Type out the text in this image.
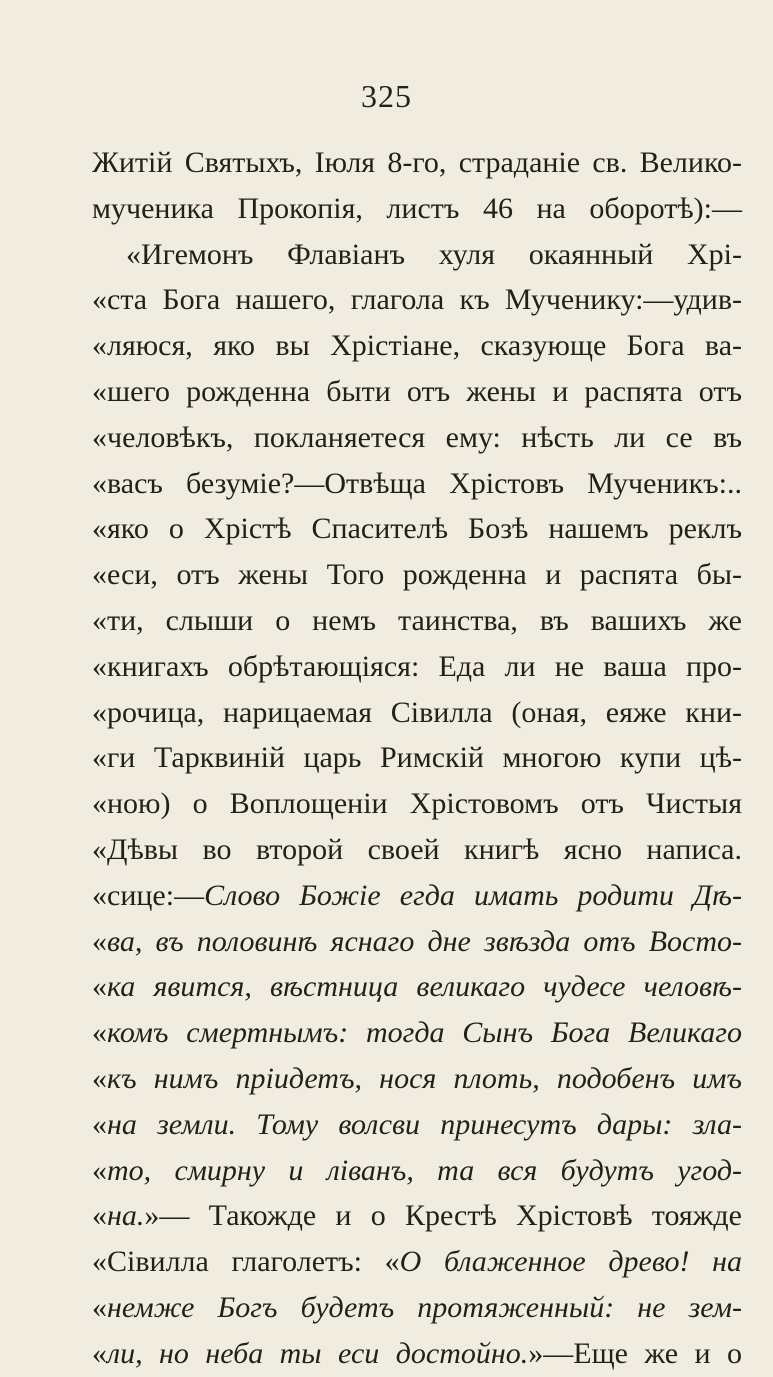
325
Житій Святыхъ, Іюля 8-го, страданіе св. Велико-
мученика Прокопія, листъ 46 на оборотѣ):—
«Игемонъ Флавіанъ хуля окаянный Хрі-
«ста Бога нашего, глагола къ Мученику:—удив-
«ляюся, яко вы Хрістіане, сказующе Бога ва-
«шего рожденна быти отъ жены и распята отъ
«человѣкъ, покланяетеся ему: нѣсть ли се въ
«васъ безуміе?—Отвѣща Хрістовъ Мученикъ:..
«яко о Хрістѣ Спасителѣ Бозѣ нашемъ реклъ
«еси, отъ жены Того рожденна и распята бы-
«ти, слыши о немъ таинства, въ вашихъ же
«книгахъ обрѣтающіяся: Еда ли не ваша про-
«рочица, нарицаемая Сівилла (оная, еяже кни-
«ги Тарквиній царь Римскій многою купи цѣ-
«ною) о Воплощеніи Хрістовомъ отъ Чистыя
«Дѣвы во второй своей книгѣ ясно написа.
«сице:—Слово Божіе егда имать родити Дѣ-
«ва, въ половинѣ яснаго дне звѣзда отъ Восто-
«ка явится, вѣстница великаго чудесе человѣ-
«комъ смертнымъ: тогда Сынъ Бога Великаго
«къ нимъ пріидетъ, нося плоть, подобенъ имъ
«на земли. Тому волсви принесутъ дары: зла-
«то, смирну и ліванъ, та вся будутъ угод-
«на.»— Такожде и о Крестѣ Хрістовѣ тояжде
«Сівилла глаголетъ: «О блаженное древо! на
«немже Богъ будетъ протяженный: не зем-
«ли, но неба ты еси достойно.»—Еще же и о
